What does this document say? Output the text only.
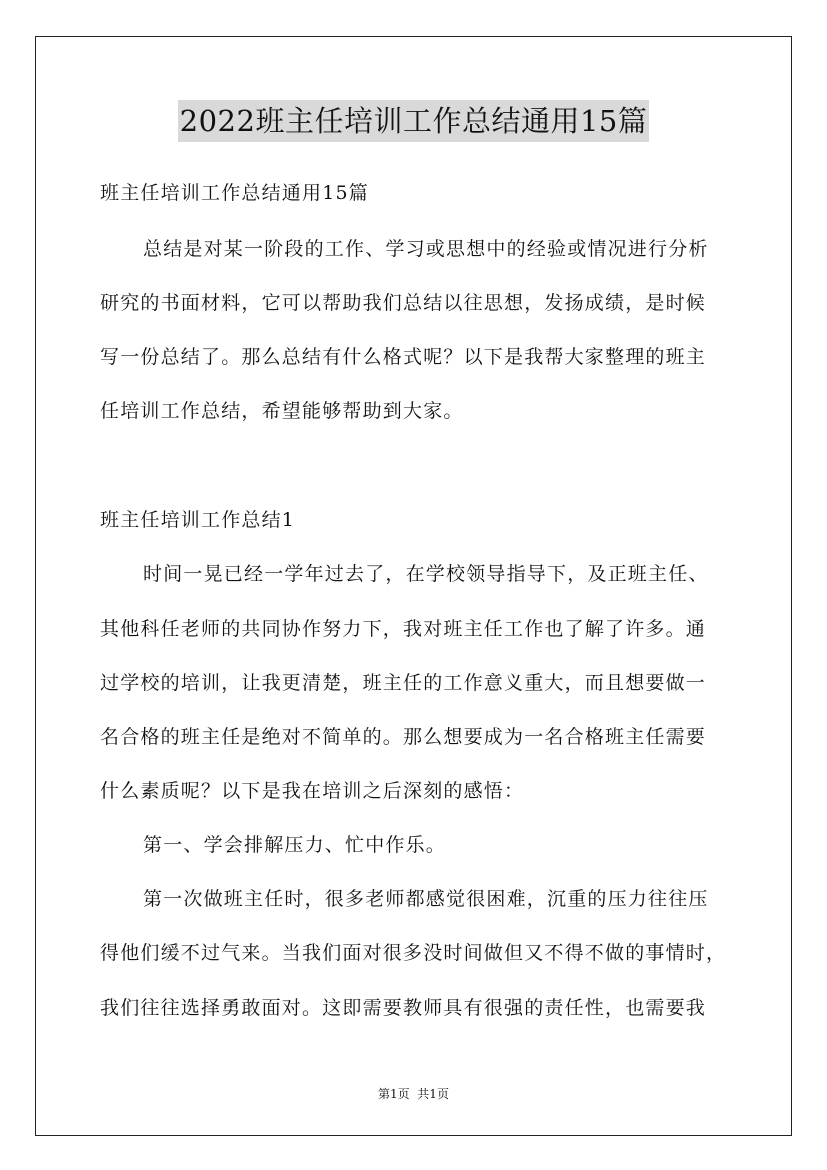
2022班主任培训工作总结通用15篇
班主任培训工作总结通用15篇
总结是对某一阶段的工作、学习或思想中的经验或情况进行分析
研究的书面材料，它可以帮助我们总结以往思想，发扬成绩，是时候
写一份总结了。那么总结有什么格式呢？以下是我帮大家整理的班主
任培训工作总结，希望能够帮助到大家。
班主任培训工作总结1
时间一晃已经一学年过去了，在学校领导指导下，及正班主任、
其他科任老师的共同协作努力下，我对班主任工作也了解了许多。通
过学校的培训，让我更清楚，班主任的工作意义重大，而且想要做一
名合格的班主任是绝对不简单的。那么想要成为一名合格班主任需要
什么素质呢？以下是我在培训之后深刻的感悟：
第一、学会排解压力、忙中作乐。
第一次做班主任时，很多老师都感觉很困难，沉重的压力往往压
得他们缓不过气来。当我们面对很多没时间做但又不得不做的事情时，
我们往往选择勇敢面对。这即需要教师具有很强的责任性，也需要我
第1页  共1页
